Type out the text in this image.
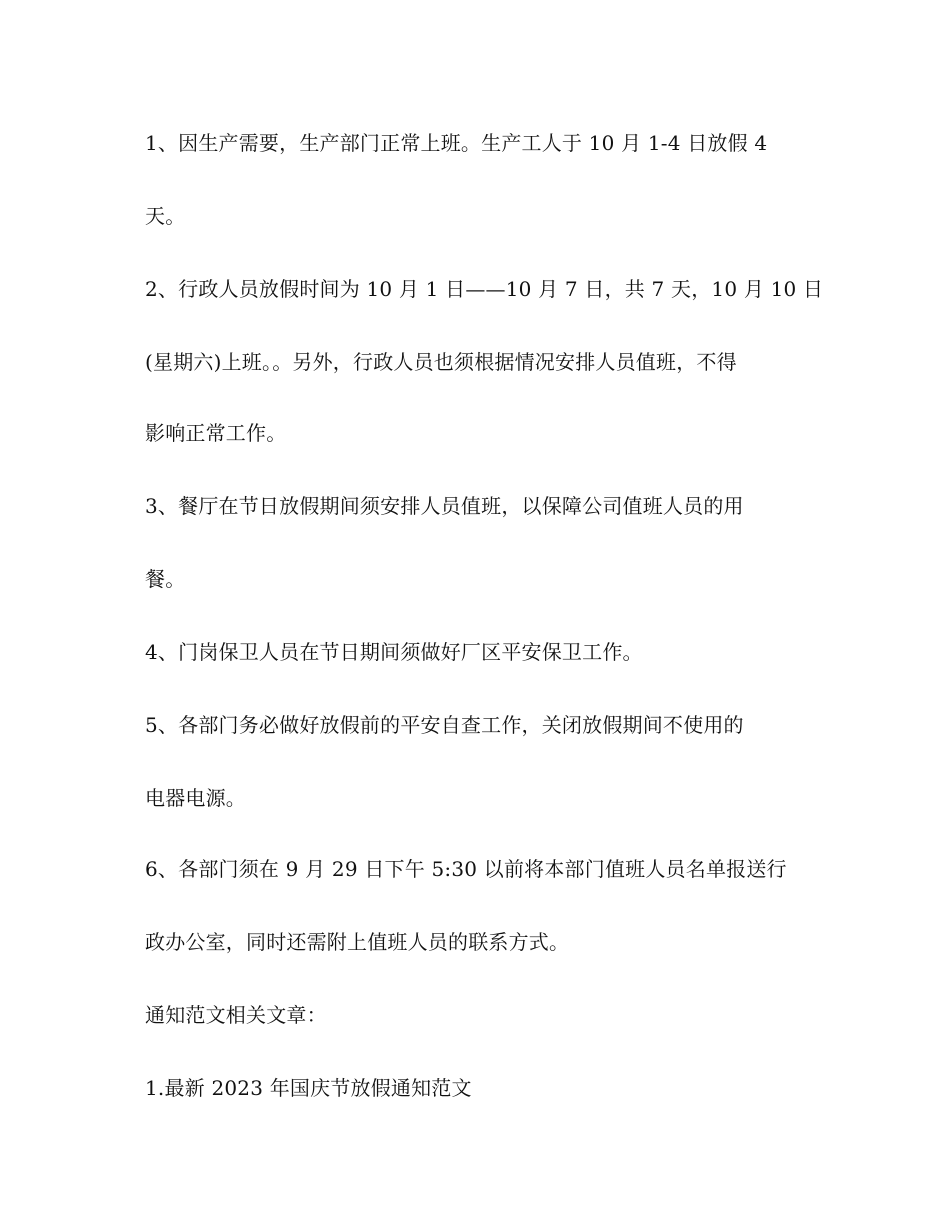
1、因生产需要，生产部门正常上班。生产工人于 10 月 1-4 日放假 4
天。
2、行政人员放假时间为 10 月 1 日——10 月 7 日，共 7 天，10 月 10 日
(星期六)上班。。另外，行政人员也须根据情况安排人员值班，不得
影响正常工作。
3、餐厅在节日放假期间须安排人员值班，以保障公司值班人员的用
餐。
4、门岗保卫人员在节日期间须做好厂区平安保卫工作。
5、各部门务必做好放假前的平安自查工作，关闭放假期间不使用的
电器电源。
6、各部门须在 9 月 29 日下午 5:30 以前将本部门值班人员名单报送行
政办公室，同时还需附上值班人员的联系方式。
通知范文相关文章：
1.最新 2023 年国庆节放假通知范文
